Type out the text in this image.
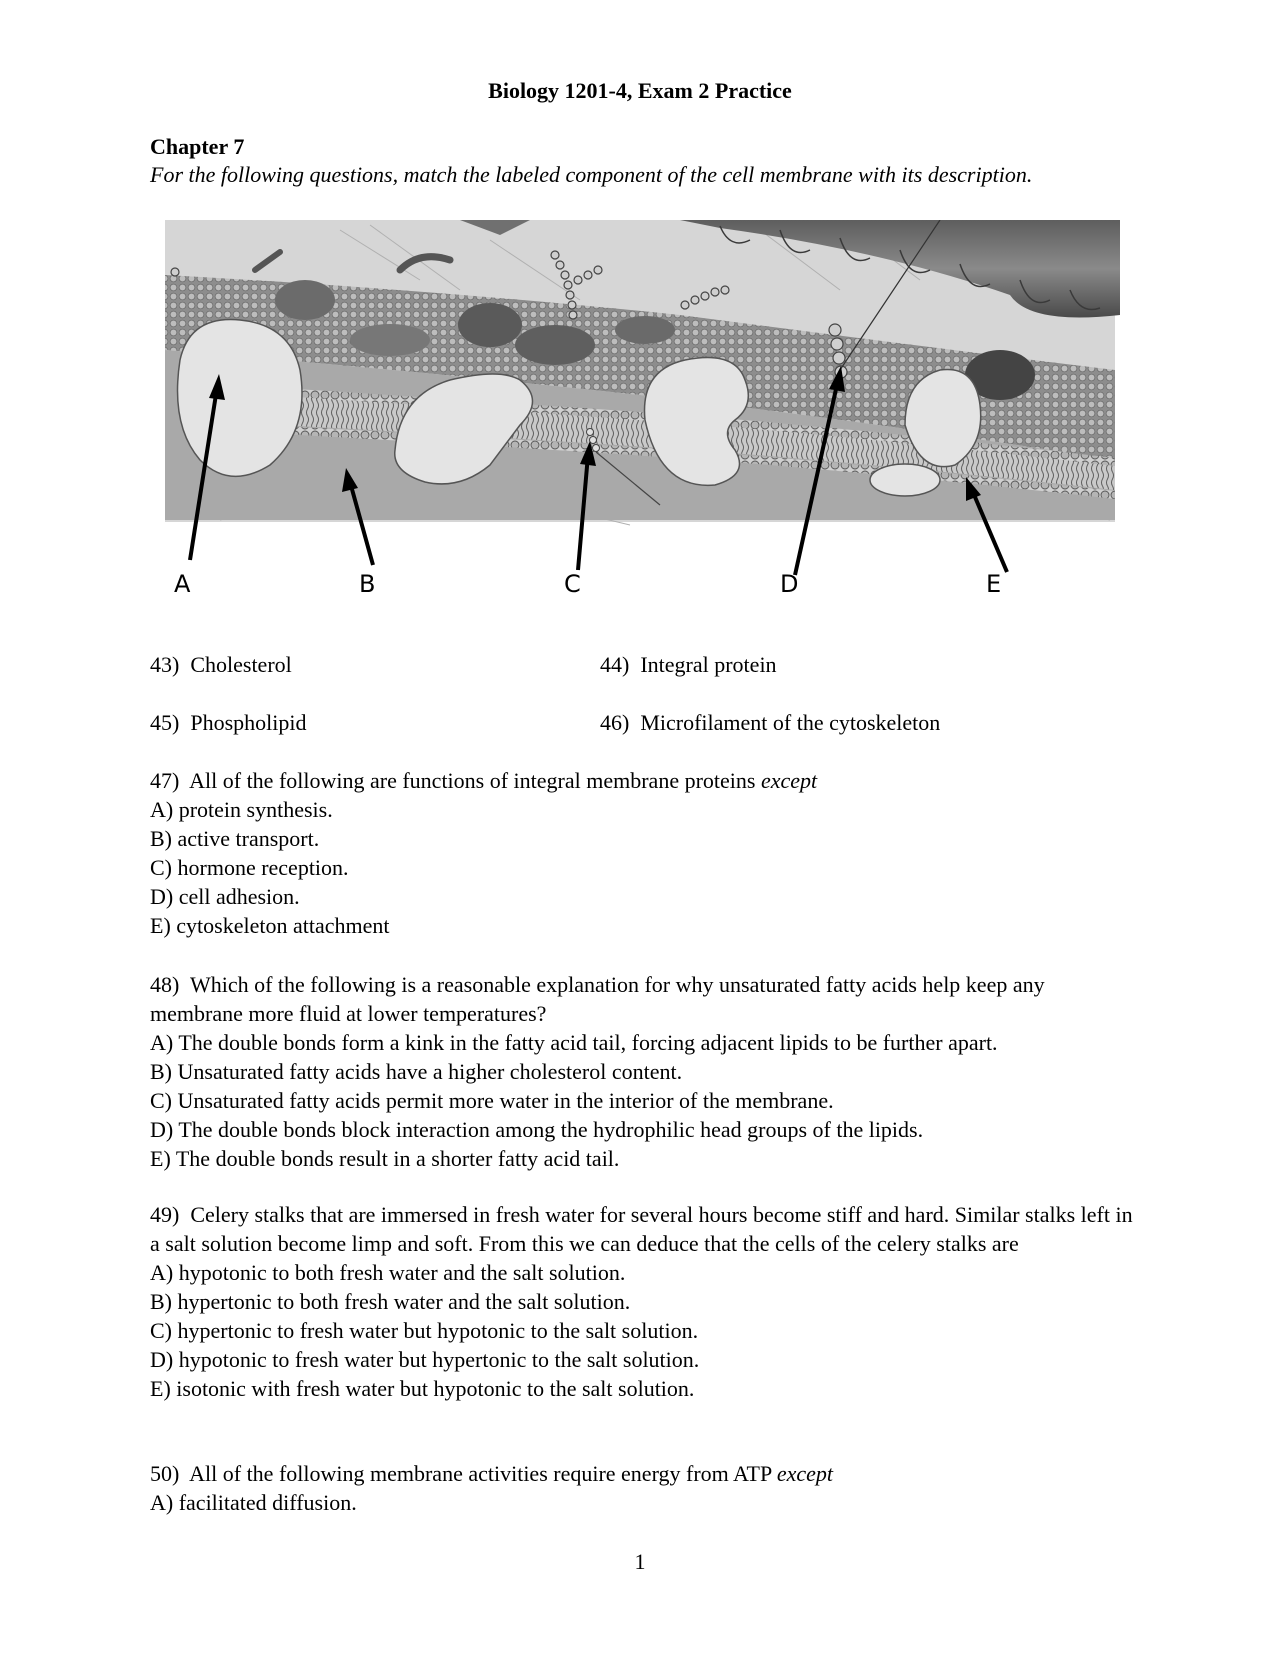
Biology 1201-4, Exam 2 Practice
Chapter 7
For the following questions, match the labeled component of the cell membrane with its description.
A	B	C	D	E
43) Cholesterol	44) Integral protein
45) Phospholipid	46) Microfilament of the cytoskeleton

47) All of the following are functions of integral membrane proteins except

A) protein synthesis.

B) active transport.

C) hormone reception.

D) cell adhesion.

E) cytoskeleton attachment

48) Which of the following is a reasonable explanation for why unsaturated fatty acids help keep any membrane more fluid at lower temperatures?

A) The double bonds form a kink in the fatty acid tail, forcing adjacent lipids to be further apart.

B) Unsaturated fatty acids have a higher cholesterol content.

C) Unsaturated fatty acids permit more water in the interior of the membrane.

D) The double bonds block interaction among the hydrophilic head groups of the lipids.

E) The double bonds result in a shorter fatty acid tail.

49) Celery stalks that are immersed in fresh water for several hours become stiff and hard. Similar stalks left in a salt solution become limp and soft. From this we can deduce that the cells of the celery stalks are

A) hypotonic to both fresh water and the salt solution.

B) hypertonic to both fresh water and the salt solution.

C) hypertonic to fresh water but hypotonic to the salt solution.

D) hypotonic to fresh water but hypertonic to the salt solution.

E) isotonic with fresh water but hypotonic to the salt solution.

50) All of the following membrane activities require energy from ATP except

A) facilitated diffusion.

1
